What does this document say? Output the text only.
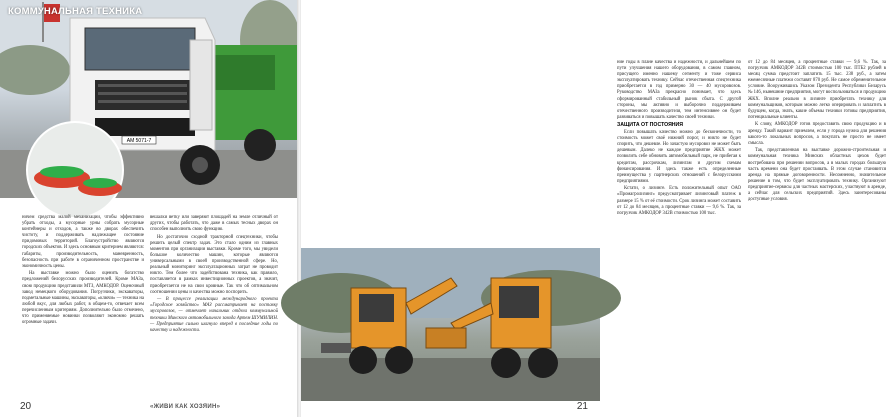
AM 5071-7
КОММУНАЛЬНАЯ ТЕХНИКА

ничем средства малой механизации, чтобы эффективно убрать отходы, а мусорные урны собрать мусорные контейнеры и отходов, а также во дворах обеспечить чистоту, и поддерживать надлежащее состояние придомовых территорий. Благоустройство являются городских объектов. И здесь основным критерием являются: габариты, производительность, маневренность, безопасность при работе в ограниченном пространстве и экономичность цены.

На выставке можно было оценить богатство предложений белорусских производителей. Кроме МАЗа, свою продукцию представили МТЗ, АМКОДОР. Оценочный завод немецкого оборудования. Погрузчики, экскаваторы, подметальные машины, экскаваторы, «ключи» — техника на любой вкус, для любых работ, в общем-то, отвечает всем перечисленным критериям. Дополнительно было отмечено, что применяемые новинки позволяют экономно решать огромные задачи.

вешалки ветку или заверяют площадей на земле отличный от других, чтобы работать, что даже в самых тесных дворах он способен выполнить свою функцию.

Но достаточно сходной тракторной спецтехники, чтобы решить целый спектр задач. Это стало одним из главных моментов при организации выставки. Кроме того, мы увидели большое количество машин, которые являются универсальными в своей производственной сфере. Но, реальный мониторинг эксплуатационных затрат не проводит никто. Тем более что задействована техника, как правило, поставляется в рамках инвестиционных проектов, а значит, приобретается не на свои кровные. Так что об оптимальном соотношении цены и качества можно поспорить.

— В процессе реализации международного проекта «Городское хозяйство» МАЗ рассматривает на поставку мусоровозов, — отмечает начальник отдела коммунальной техники Минского автомобильного завода Артем ШУМИЛИН. — Предприятие сильно шагнуло вперед в последние годы по качеству и надежности.

20	«ЖИВИ КАК ХОЗЯИН»

ние годы в плане качества и надежности, и дальнейшем по пути улучшения нашего оборудования, в самом главном, присущего именно нашему сегменту и тоже сервиса эксплуатировать технику. Сейчас отечественная спецтехника приобретается в год примерно 30 — 40 мусоровозов. Руководство МАЗа прекрасно понимает, что здесь сформированный стабильный рынок сбыта. С другой стороны, мы активно и выборочно поддерживаем отечественного производителя, тем интенсивнее он будет развиваться и повышать качество своей техники.

ЗАЩИТА ОТ ПОСТОЯНИЯ

Если повышать качество можно до бесконечности, то стоимость может своё нижний порог, и никто не будет спорить, что дешевле. Но зачастую мусоровоз не может быть дешевым. Далеко не каждое предприятие ЖКХ может позволить себе обновить автомобильный парк, не прибегая к кредитам, рассрочкам, лизингам и другим схемам финансирования. И здесь также есть определенные преимущества у партнерских отношений с белорусскими предприятиями.

Кстати, о лизинге. Есть положительный опыт ОАО «Промагролизинг» предусматривает лизинговый платеж в размере 15 % от её стоимости. Срок лизинга может составить от 12 до 84 месяцев, а процентные ставки — 9,6 %. Так, за погрузчик АМКОДОР 342В стоимостью 100 тыс.

от 12 до 84 месяцев, а процентные ставки — 9,6 %. Так, за погрузчик АМКОДОР 342В стоимостью 100 тыс. ПТБ2 рублей в месяц сумма предстоит заплатить 15 тыс. 238 руб., а затем ежемесячные платежи составят 870 руб. Не самое обременительное условие. Вооружившись Указом Президента Республики Беларусь № 146, нынешние предприятия, могут воспользоваться и продукцию ЖКХ. Вполне реально в лизинге приобретать технику для коммунальщиков, которым можно легко оперировать и заплатить в будущем, когда, знать, какие объемы техники готовы предприятия, потенциальные клиенты.

К слову, АМКОДОР готов предоставить свою продукцию и в аренду. Такой вариант приемлем, если у города нужна для решения какого-то локальных вопросов, а покупать не просто не имеет смысла.

Так, представленная на выставке дорожно-строительная и коммунальная техника Минских областных цехов будет востребована при решении вопросов, а в малых городах большую часть времени она будет простаивать. В этом случае становится аренда на прямые договоренности. Несомненно, значительное решение в том, что будет эксплуатировать технику. Организуют предприятие-сервисы для частных мастерских, участвуют в аренде, а сейчас для сельских предприятий. Здесь заинтересованы доступные условия.

21
